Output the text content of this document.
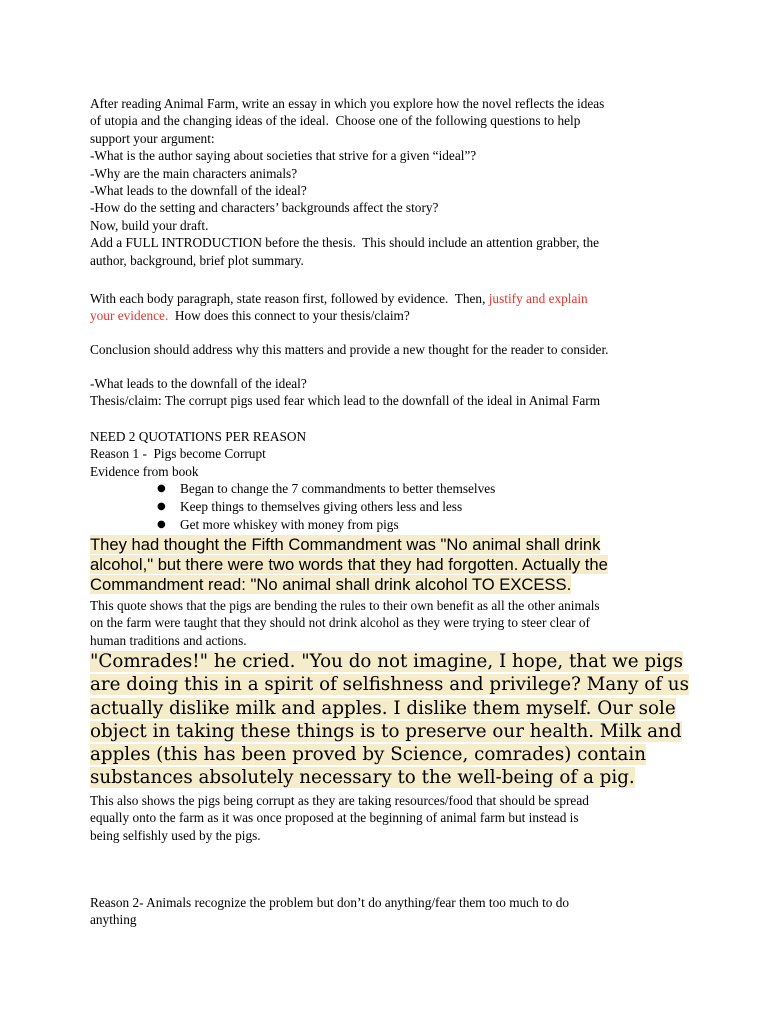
After reading Animal Farm, write an essay in which you explore how the novel reflects the ideas
of utopia and the changing ideas of the ideal.  Choose one of the following questions to help
support your argument:
-What is the author saying about societies that strive for a given “ideal”?
-Why are the main characters animals?
-What leads to the downfall of the ideal?
-How do the setting and characters’ backgrounds affect the story?
Now, build your draft.
Add a FULL INTRODUCTION before the thesis.  This should include an attention grabber, the
author, background, brief plot summary.
With each body paragraph, state reason first, followed by evidence.  Then, justify and explain
your evidence.  How does this connect to your thesis/claim?
Conclusion should address why this matters and provide a new thought for the reader to consider.
-What leads to the downfall of the ideal?
Thesis/claim: The corrupt pigs used fear which lead to the downfall of the ideal in Animal Farm
NEED 2 QUOTATIONS PER REASON
Reason 1 -  Pigs become Corrupt
Evidence from book
● Began to change the 7 commandments to better themselves
● Keep things to themselves giving others less and less
● Get more whiskey with money from pigs
They had thought the Fifth Commandment was "No animal shall drink
alcohol," but there were two words that they had forgotten. Actually the
Commandment read: "No animal shall drink alcohol TO EXCESS.
This quote shows that the pigs are bending the rules to their own benefit as all the other animals
on the farm were taught that they should not drink alcohol as they were trying to steer clear of
human traditions and actions.
"Comrades!" he cried. "You do not imagine, I hope, that we pigs
are doing this in a spirit of selfishness and privilege? Many of us
actually dislike milk and apples. I dislike them myself. Our sole
object in taking these things is to preserve our health. Milk and
apples (this has been proved by Science, comrades) contain
substances absolutely necessary to the well-being of a pig.
This also shows the pigs being corrupt as they are taking resources/food that should be spread
equally onto the farm as it was once proposed at the beginning of animal farm but instead is
being selfishly used by the pigs.
Reason 2- Animals recognize the problem but don’t do anything/fear them too much to do
anything
